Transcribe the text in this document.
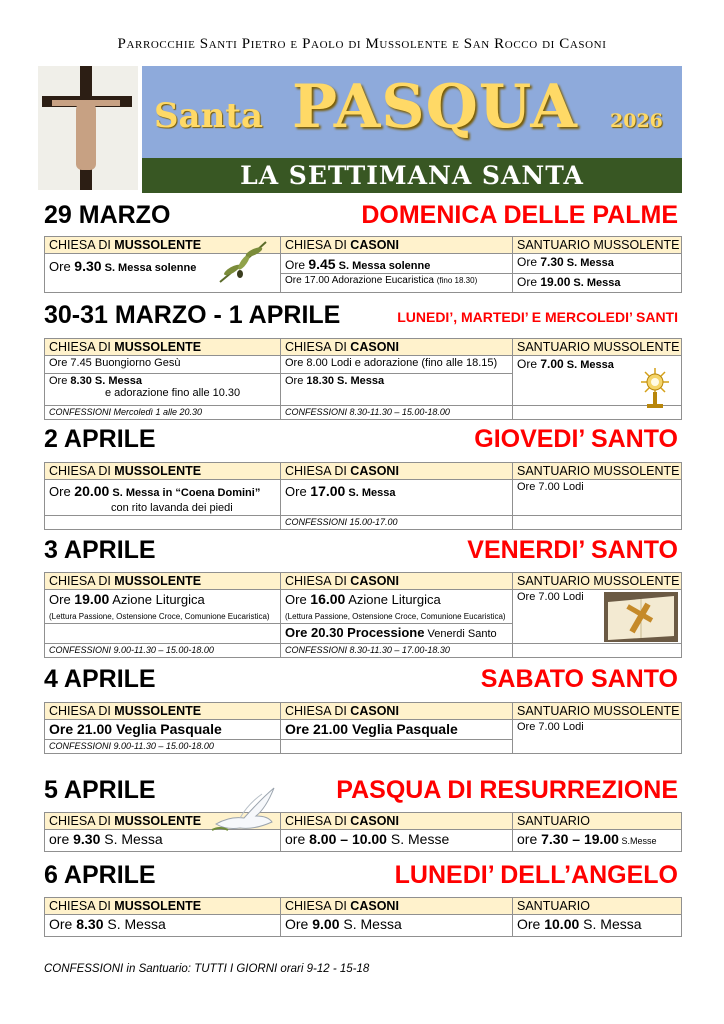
Parrocchie Santi Pietro e Paolo di Mussolente e San Rocco di Casoni
Santa PASQUA 2026
LA SETTIMANA SANTA
29 MARZO	DOMENICA DELLE PALME
CHIESA DI MUSSOLENTE	CHIESA DI CASONI	SANTUARIO MUSSOLENTE
Ore 9.30 S. Messa solenne	Ore 9.45 S. Messa solenne	Ore 7.30 S. Messa
	Ore 17.00 Adorazione Eucaristica (fino 18.30)	Ore 19.00 S. Messa
30-31 MARZO - 1 APRILE	LUNEDI’, MARTEDI’ E MERCOLEDI’ SANTI
CHIESA DI MUSSOLENTE	CHIESA DI CASONI	SANTUARIO MUSSOLENTE
Ore 7.45 Buongiorno Gesù	Ore 8.00 Lodi e adorazione (fino alle 18.15)	Ore 7.00 S. Messa
Ore 8.30 S. Messa
e adorazione fino alle 10.30	Ore 18.30 S. Messa	
CONFESSIONI Mercoledì 1 alle 20.30	CONFESSIONI 8.30-11.30 – 15.00-18.00	
2 APRILE	GIOVEDI’ SANTO
CHIESA DI MUSSOLENTE	CHIESA DI CASONI	SANTUARIO MUSSOLENTE
Ore 20.00 S. Messa in “Coena Domini”
con rito lavanda dei piedi	Ore 17.00 S. Messa	Ore 7.00 Lodi
	CONFESSIONI 15.00-17.00	
3 APRILE	VENERDI’ SANTO
CHIESA DI MUSSOLENTE	CHIESA DI CASONI	SANTUARIO MUSSOLENTE
Ore 19.00 Azione Liturgica
(Lettura Passione, Ostensione Croce, Comunione Eucaristica)	Ore 16.00 Azione Liturgica
(Lettura Passione, Ostensione Croce, Comunione Eucaristica)	Ore 7.00 Lodi
	Ore 20.30 Processione Venerdi Santo	
CONFESSIONI 9.00-11.30 – 15.00-18.00	CONFESSIONI 8.30-11.30 – 17.00-18.30	
4 APRILE	SABATO SANTO
CHIESA DI MUSSOLENTE	CHIESA DI CASONI	SANTUARIO MUSSOLENTE
Ore 21.00 Veglia Pasquale	Ore 21.00 Veglia Pasquale	Ore 7.00 Lodi
CONFESSIONI 9.00-11.30 – 15.00-18.00		
5 APRILE	PASQUA DI RESURREZIONE
CHIESA DI MUSSOLENTE	CHIESA DI CASONI	SANTUARIO
ore 9.30 S. Messa	ore 8.00 – 10.00 S. Messe	ore 7.30 – 19.00 S.Messe
6 APRILE	LUNEDI’ DELL’ANGELO
CHIESA DI MUSSOLENTE	CHIESA DI CASONI	SANTUARIO
Ore 8.30 S. Messa	Ore 9.00 S. Messa	Ore 10.00 S. Messa
CONFESSIONI in Santuario: TUTTI I GIORNI orari 9-12 - 15-18
